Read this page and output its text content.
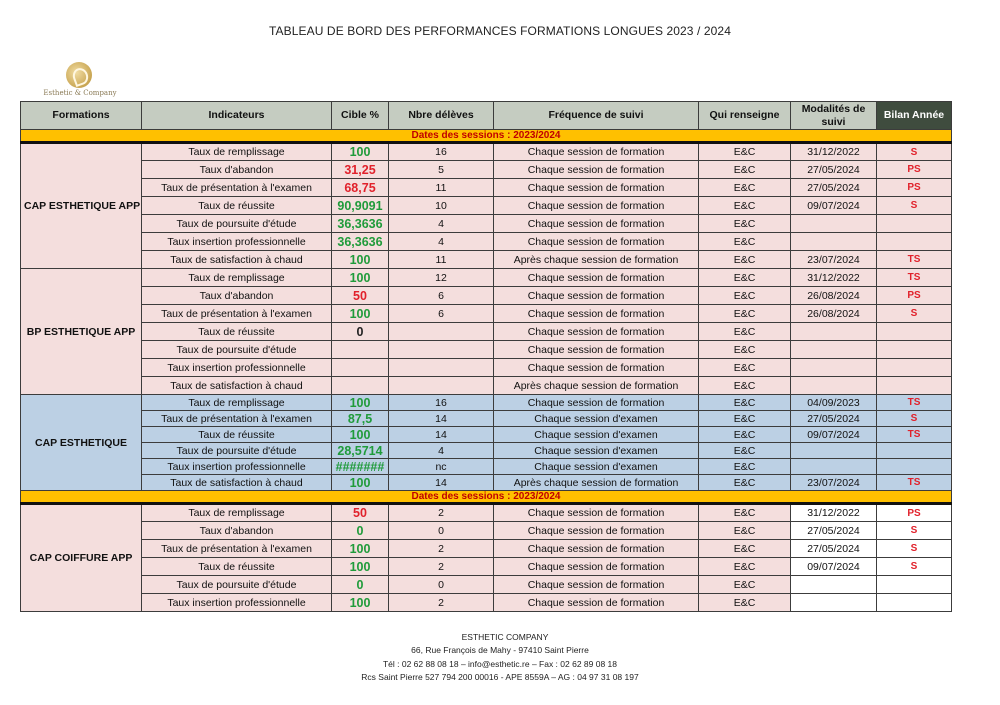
TABLEAU DE BORD DES PERFORMANCES FORMATIONS LONGUES 2023 / 2024
Esthetic & Company
Formations	Indicateurs	Cible %	Nbre délèves	Fréquence de suivi	Qui renseigne	Modalités de suivi	Bilan Année
Dates des sessions : 2023/2024							
CAP ESTHETIQUE APP	Taux de remplissage	100	16	Chaque session de formation	E&C	31/12/2022	S
	Taux d'abandon	31,25	5	Chaque session de formation	E&C	27/05/2024	PS
	Taux de présentation à l'examen	68,75	11	Chaque session de formation	E&C	27/05/2024	PS
	Taux de réussite	90,9091	10	Chaque session de formation	E&C	09/07/2024	S
	Taux de poursuite d'étude	36,3636	4	Chaque session de formation	E&C		
	Taux insertion professionnelle	36,3636	4	Chaque session de formation	E&C		
	Taux de satisfaction à chaud	100	11	Après chaque session de formation	E&C	23/07/2024	TS
BP ESTHETIQUE APP	Taux de remplissage	100	12	Chaque session de formation	E&C	31/12/2022	TS
	Taux d'abandon	50	6	Chaque session de formation	E&C	26/08/2024	PS
	Taux de présentation à l'examen	100	6	Chaque session de formation	E&C	26/08/2024	S
	Taux de réussite	0		Chaque session de formation	E&C		
	Taux de poursuite d'étude			Chaque session de formation	E&C		
	Taux insertion professionnelle			Chaque session de formation	E&C		
	Taux de satisfaction à chaud			Après chaque session de formation	E&C		
CAP ESTHETIQUE	Taux de remplissage	100	16	Chaque session de formation	E&C	04/09/2023	TS
	Taux de présentation à l'examen	87,5	14	Chaque session d'examen	E&C	27/05/2024	S
	Taux de réussite	100	14	Chaque session d'examen	E&C	09/07/2024	TS
	Taux de poursuite d'étude	28,5714	4	Chaque session d'examen	E&C		
	Taux insertion professionnelle	#######	nc	Chaque session d'examen	E&C		
	Taux de satisfaction à chaud	100	14	Après chaque session de formation	E&C	23/07/2024	TS
Dates des sessions : 2023/2024							
CAP COIFFURE APP	Taux de remplissage	50	2	Chaque session de formation	E&C	31/12/2022	PS
	Taux d'abandon	0	0	Chaque session de formation	E&C	27/05/2024	S
	Taux de présentation à l'examen	100	2	Chaque session de formation	E&C	27/05/2024	S
	Taux de réussite	100	2	Chaque session de formation	E&C	09/07/2024	S
	Taux de poursuite d'étude	0	0	Chaque session de formation	E&C		
	Taux insertion professionnelle	100	2	Chaque session de formation	E&C		
ESTHETIC COMPANY
66, Rue François de Mahy - 97410 Saint Pierre
Tél : 02 62 88 08 18 – info@esthetic.re – Fax : 02 62 89 08 18
Rcs Saint Pierre 527 794 200 00016 - APE 8559A – AG : 04 97 31 08 197
